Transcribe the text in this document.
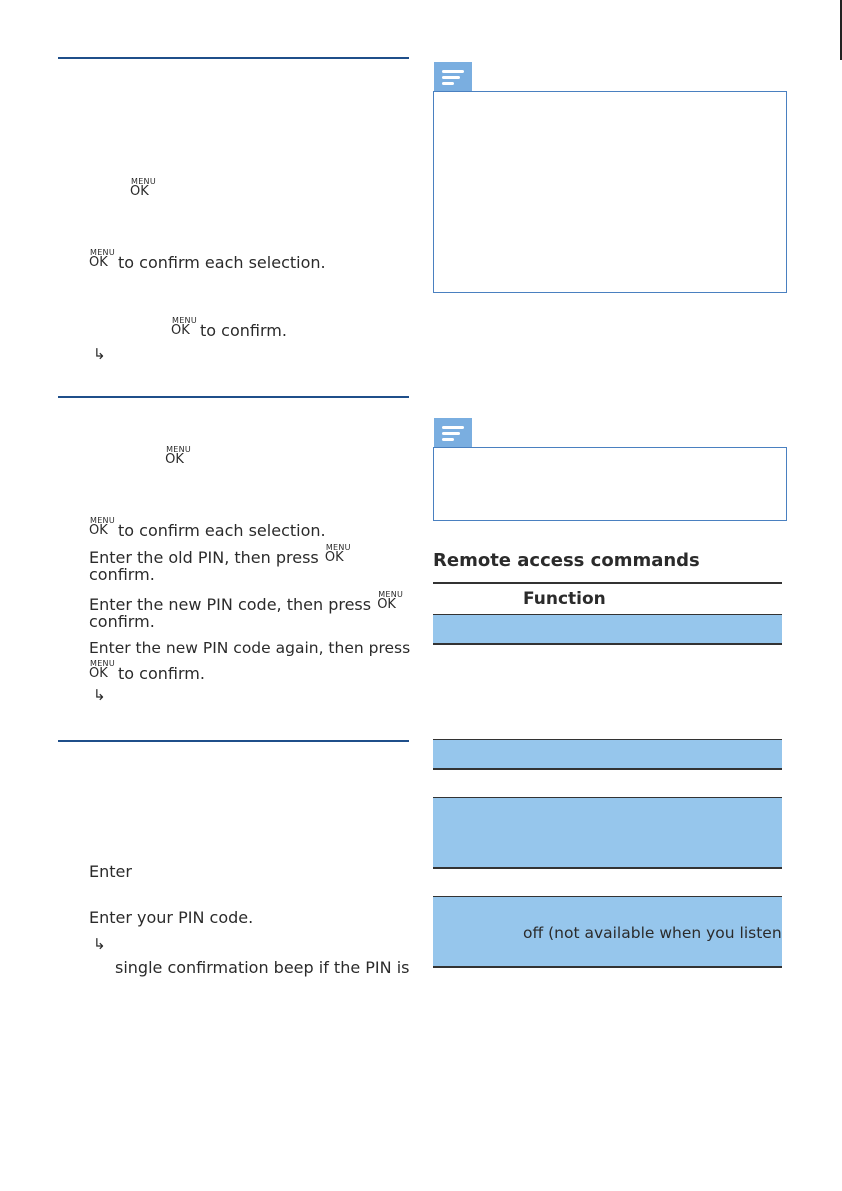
MENU
OK

MENU
OK to confirm each selection.
MENU
OK to confirm.
↳
MENU
OK
MENU
OK to confirm each selection.
Enter the old PIN, then press
MENU
OK
confirm.
Enter the new PIN code, then press
MENU
OK
confirm.
Enter the new PIN code again, then press
MENU
OK to confirm.
↳
Enter
Enter your PIN code.
↳
single confirmation beep if the PIN is
Remote access commands
Function
off (not available when you listen
